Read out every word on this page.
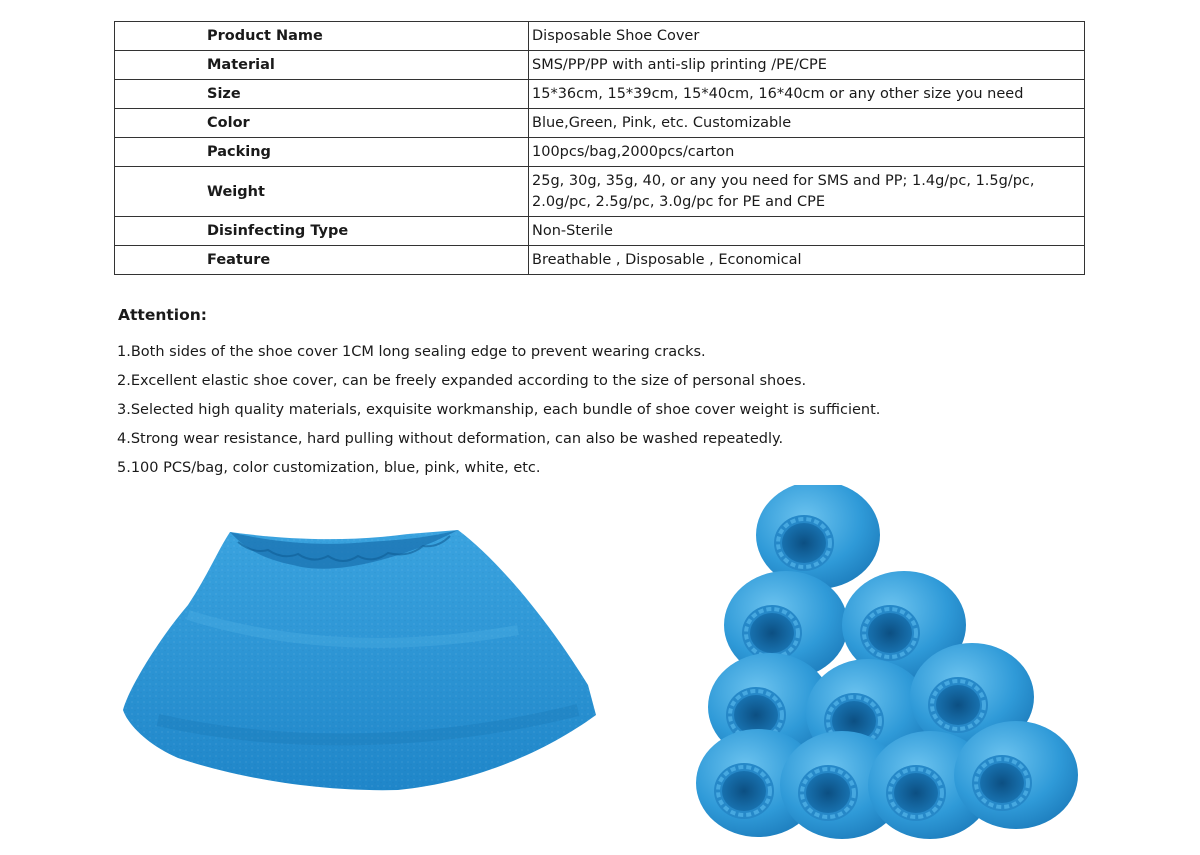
Product Name	Disposable Shoe Cover
Material	SMS/PP/PP with anti-slip printing /PE/CPE
Size	15*36cm, 15*39cm, 15*40cm, 16*40cm or any other size you need
Color	Blue,Green, Pink, etc. Customizable
Packing	100pcs/bag,2000pcs/carton
Weight	25g, 30g, 35g, 40, or any you need for SMS and PP; 1.4g/pc, 1.5g/pc, 2.0g/pc, 2.5g/pc, 3.0g/pc for PE and CPE
Disinfecting Type	Non-Sterile
Feature	Breathable , Disposable , Economical
Attention:
1.Both sides of the shoe cover 1CM long sealing edge to prevent wearing cracks.
2.Excellent elastic shoe cover, can be freely expanded according to the size of personal shoes.
3.Selected high quality materials, exquisite workmanship, each bundle of shoe cover weight is sufficient.
4.Strong wear resistance, hard pulling without deformation, can also be washed repeatedly.
5.100 PCS/bag, color customization, blue, pink, white, etc.
